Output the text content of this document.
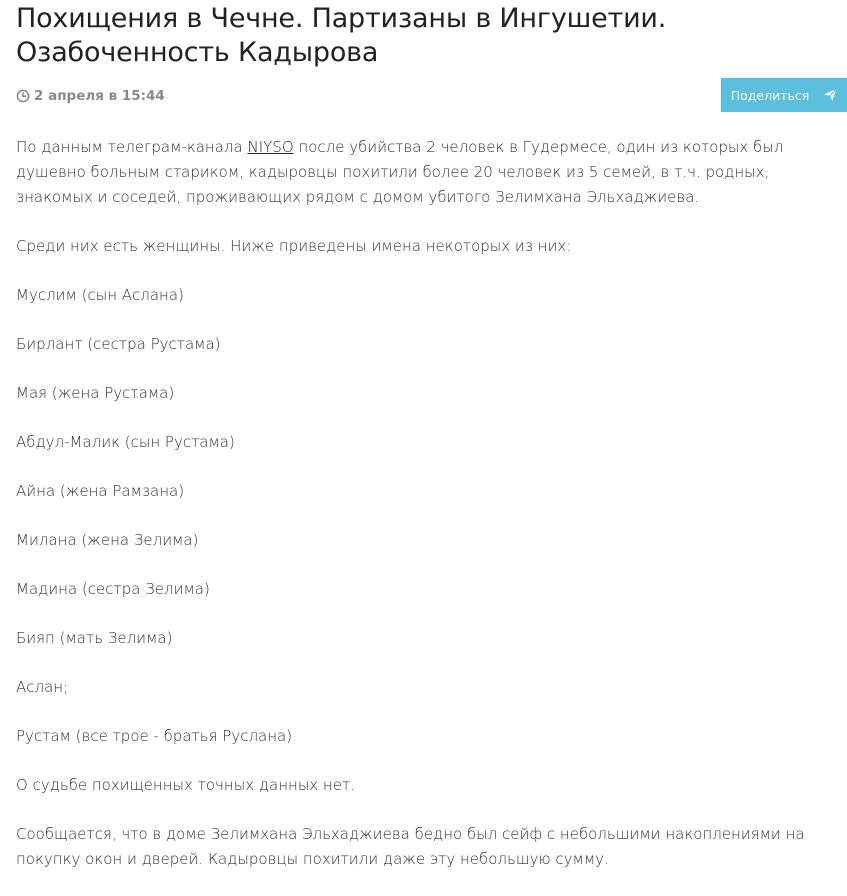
Похищения в Чечне. Партизаны в Ингушетии. Озабоченность Кадырова
2 апреля в 15:44	Поделиться

По данным телеграм-канала NIYSO после убийства 2 человек в Гудермесе, один из которых был душевно больным стариком, кадыровцы похитили более 20 человек из 5 семей, в т.ч. родных, знакомых и соседей, проживающих рядом с домом убитого Зелимхана Эльхаджиева.

Среди них есть женщины. Ниже приведены имена некоторых из них:

Муслим (сын Аслана)

Бирлант (сестра Рустама)

Мая (жена Рустама)

Абдул-Малик (сын Рустама)

Айна (жена Рамзана)

Милана (жена Зелима)

Мадина (сестра Зелима)

Бияп (мать Зелима)

Аслан;

Рустам (все трое - братья Руслана)

О судьбе похищенных точных данных нет.

Сообщается, что в доме Зелимхана Эльхаджиева бедно был сейф с небольшими накоплениями на покупку окон и дверей. Кадыровцы похитили даже эту небольшую сумму.
